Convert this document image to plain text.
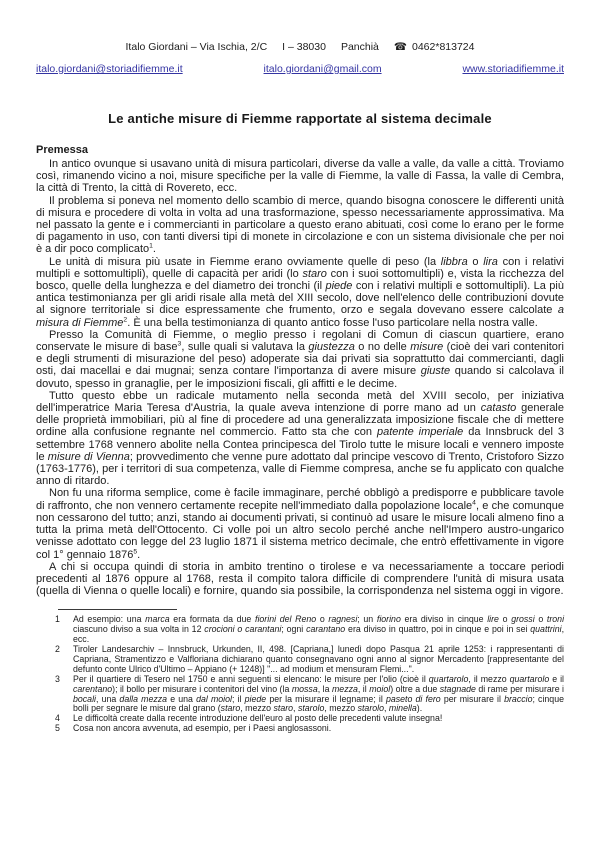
Italo Giordani – Via Ischia, 2/C I – 38030 Panchià ☎ 0462*813724
italo.giordani@storiadifiemme.it	italo.giordani@gmail.com	www.storiadifiemme.it
Le antiche misure di Fiemme rapportate al sistema decimale
Premessa

In antico ovunque si usavano unità di misura particolari, diverse da valle a valle, da valle a città. Troviamo così, rimanendo vicino a noi, misure specifiche per la valle di Fiemme, la valle di Fassa, la valle di Cembra, la città di Trento, la città di Rovereto, ecc.

Il problema si poneva nel momento dello scambio di merce, quando bisogna conoscere le differenti unità di misura e procedere di volta in volta ad una trasformazione, spesso necessariamente approssimativa. Ma nel passato la gente e i commercianti in particolare a questo erano abituati, così come lo erano per le forme di pagamento in uso, con tanti diversi tipi di monete in circolazione e con un sistema divisionale che per noi è a dir poco complicato$^1$.

Le unità di misura più usate in Fiemme erano ovviamente quelle di peso (la libbra o lira con i relativi multipli e sottomultipli), quelle di capacità per aridi (lo staro con i suoi sottomultipli) e, vista la ricchezza del bosco, quelle della lunghezza e del diametro dei tronchi (il piede con i relativi multipli e sottomultipli). La più antica testimonianza per gli aridi risale alla metà del XIII secolo, dove nell'elenco delle contribuzioni dovute al signore territoriale si dice espressamente che frumento, orzo e segala dovevano essere calcolate a misura di Fiemme$^2$. È una bella testimonianza di quanto antico fosse l'uso particolare nella nostra valle.

Presso la Comunità di Fiemme, o meglio presso i regolani di Comun di ciascun quartiere, erano conservate le misure di base$^3$, sulle quali si valutava la giustezza o no delle misure (cioè dei vari contenitori e degli strumenti di misurazione del peso) adoperate sia dai privati sia soprattutto dai commercianti, dagli osti, dai macellai e dai mugnai; senza contare l'importanza di avere misure giuste quando si calcolava il dovuto, spesso in granaglie, per le imposizioni fiscali, gli affitti e le decime.

Tutto questo ebbe un radicale mutamento nella seconda metà del XVIII secolo, per iniziativa dell'imperatrice Maria Teresa d'Austria, la quale aveva intenzione di porre mano ad un catasto generale delle proprietà immobiliari, più al fine di procedere ad una generalizzata imposizione fiscale che di mettere ordine alla confusione regnante nel commercio. Fatto sta che con patente imperiale da Innsbruck del 3 settembre 1768 vennero abolite nella Contea principesca del Tirolo tutte le misure locali e vennero imposte le misure di Vienna; provvedimento che venne pure adottato dal principe vescovo di Trento, Cristoforo Sizzo (1763-1776), per i territori di sua competenza, valle di Fiemme compresa, anche se fu applicato con qualche anno di ritardo.

Non fu una riforma semplice, come è facile immaginare, perché obbligò a predisporre e pubblicare tavole di raffronto, che non vennero certamente recepite nell'immediato dalla popolazione locale$^4$, e che comunque non cessarono del tutto; anzi, stando ai documenti privati, si continuò ad usare le misure locali almeno fino a tutta la prima metà dell'Ottocento. Ci volle poi un altro secolo perché anche nell'Impero austro-ungarico venisse adottato con legge del 23 luglio 1871 il sistema metrico decimale, che entrò effettivamente in vigore col 1° gennaio 1876$^5$.

A chi si occupa quindi di storia in ambito trentino o tirolese e va necessariamente a toccare periodi precedenti al 1876 oppure al 1768, resta il compito talora difficile di comprendere l'unità di misura usata (quella di Vienna o quelle locali) e fornire, quando sia possibile, la corrispondenza nel sistema oggi in vigore.

1	Ad esempio: una marca era formata da due fiorini del Reno o ragnesi; un fiorino era diviso in cinque lire o grossi o troni ciascuno diviso a sua volta in 12 crocioni o carantani; ogni carantano era diviso in quattro, poi in cinque e poi in sei quattrini, ecc.
2	Tiroler Landesarchiv – Innsbruck, Urkunden, II, 498. [Capriana,] lunedì dopo Pasqua 21 aprile 1253: i rappresentanti di Capriana, Stramentizzo e Valfloriana dichiarano quanto consegnavano ogni anno al signor Mercadento [rappresentante del defunto conte Ulrico d'Ultimo – Appiano (+ 1248)] "... ad modium et mensuram Flemi...".
3	Per il quartiere di Tesero nel 1750 e anni seguenti si elencano: le misure per l'olio (cioè il quartarolo, il mezzo quartarolo e il carentano); il bollo per misurare i contenitori del vino (la mossa, la mezza, il moiol) oltre a due stagnade di rame per misurare i bocali, una dalla mezza e una dal moiol; il piede per la misurare il legname; il paseto di fero per misurare il braccio; cinque bolli per segnare le misure dal grano (staro, mezzo staro, starolo, mezzo starolo, minella).
4	Le difficoltà create dalla recente introduzione dell'euro al posto delle precedenti valute insegna!
5	Cosa non ancora avvenuta, ad esempio, per i Paesi anglosassoni.
